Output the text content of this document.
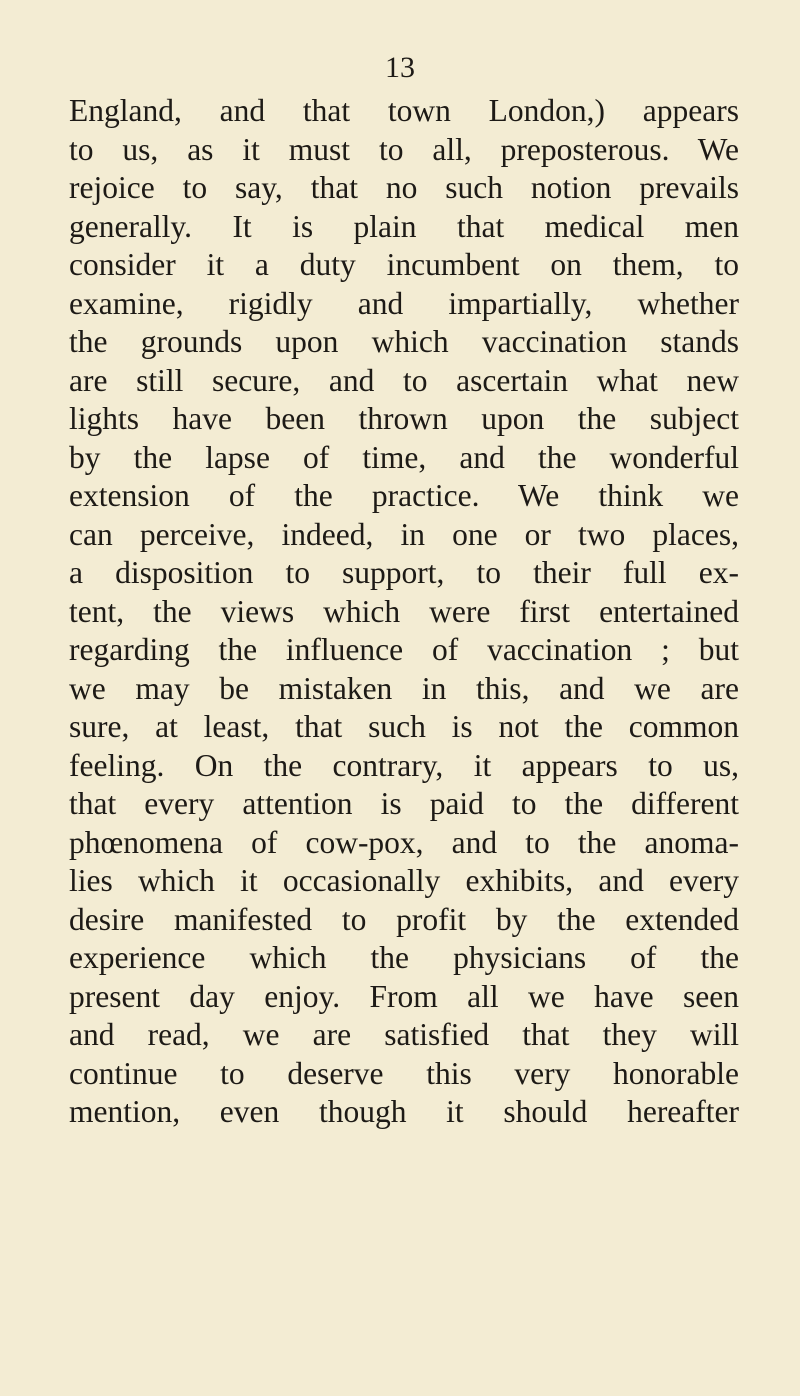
13
England, and that town London,) appears
to us, as it must to all, preposterous. We
rejoice to say, that no such notion prevails
generally. It is plain that medical men
consider it a duty incumbent on them, to
examine, rigidly and impartially, whether
the grounds upon which vaccination stands
are still secure, and to ascertain what new
lights have been thrown upon the subject
by the lapse of time, and the wonderful
extension of the practice. We think we
can perceive, indeed, in one or two places,
a disposition to support, to their full ex-
tent, the views which were first entertained
regarding the influence of vaccination ; but
we may be mistaken in this, and we are
sure, at least, that such is not the common
feeling. On the contrary, it appears to us,
that every attention is paid to the different
phœnomena of cow-pox, and to the anoma-
lies which it occasionally exhibits, and every
desire manifested to profit by the extended
experience which the physicians of the
present day enjoy. From all we have seen
and read, we are satisfied that they will
continue to deserve this very honorable
mention, even though it should hereafter
